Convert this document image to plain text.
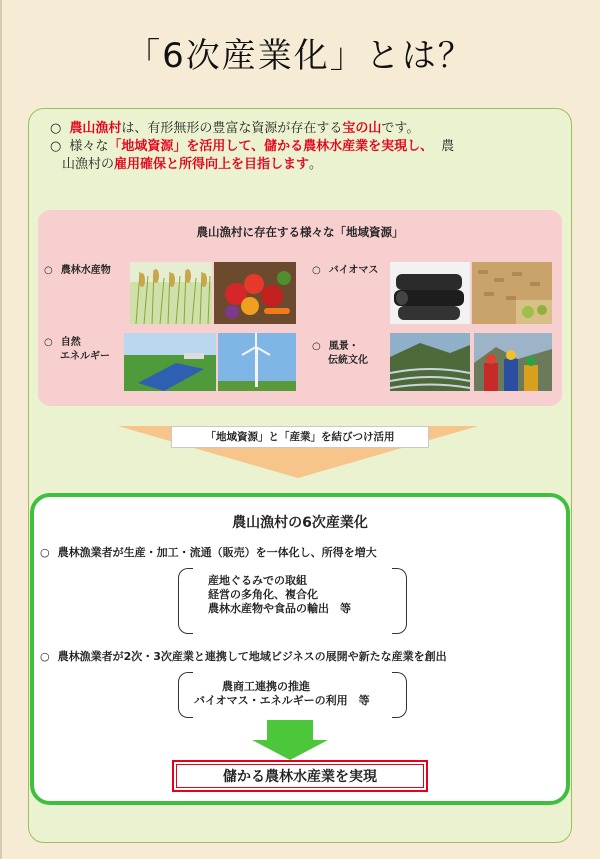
「6次産業化」とは？
○ 農山漁村は、有形無形の豊富な資源が存在する宝の山です。
○ 様々な「地域資源」を活用して、儲かる農林水産業を実現し、 農
山漁村の雇用確保と所得向上を目指します。
農山漁村に存在する様々な「地域資源」
○ 農林水産物	○ バイオマス
○ 自然
エネルギー
○ 風景・
伝統文化
「地域資源」と「産業」を結びつけ活用
農山漁村の6次産業化
○ 農林漁業者が生産・加工・流通（販売）を一体化し、所得を増大
産地ぐるみでの取組
経営の多角化、複合化
農林水産物や食品の輸出　等
○ 農林漁業者が2次・3次産業と連携して地域ビジネスの展開や新たな産業を創出
農商工連携の推進
バイオマス・エネルギーの利用　等
儲かる農林水産業を実現
